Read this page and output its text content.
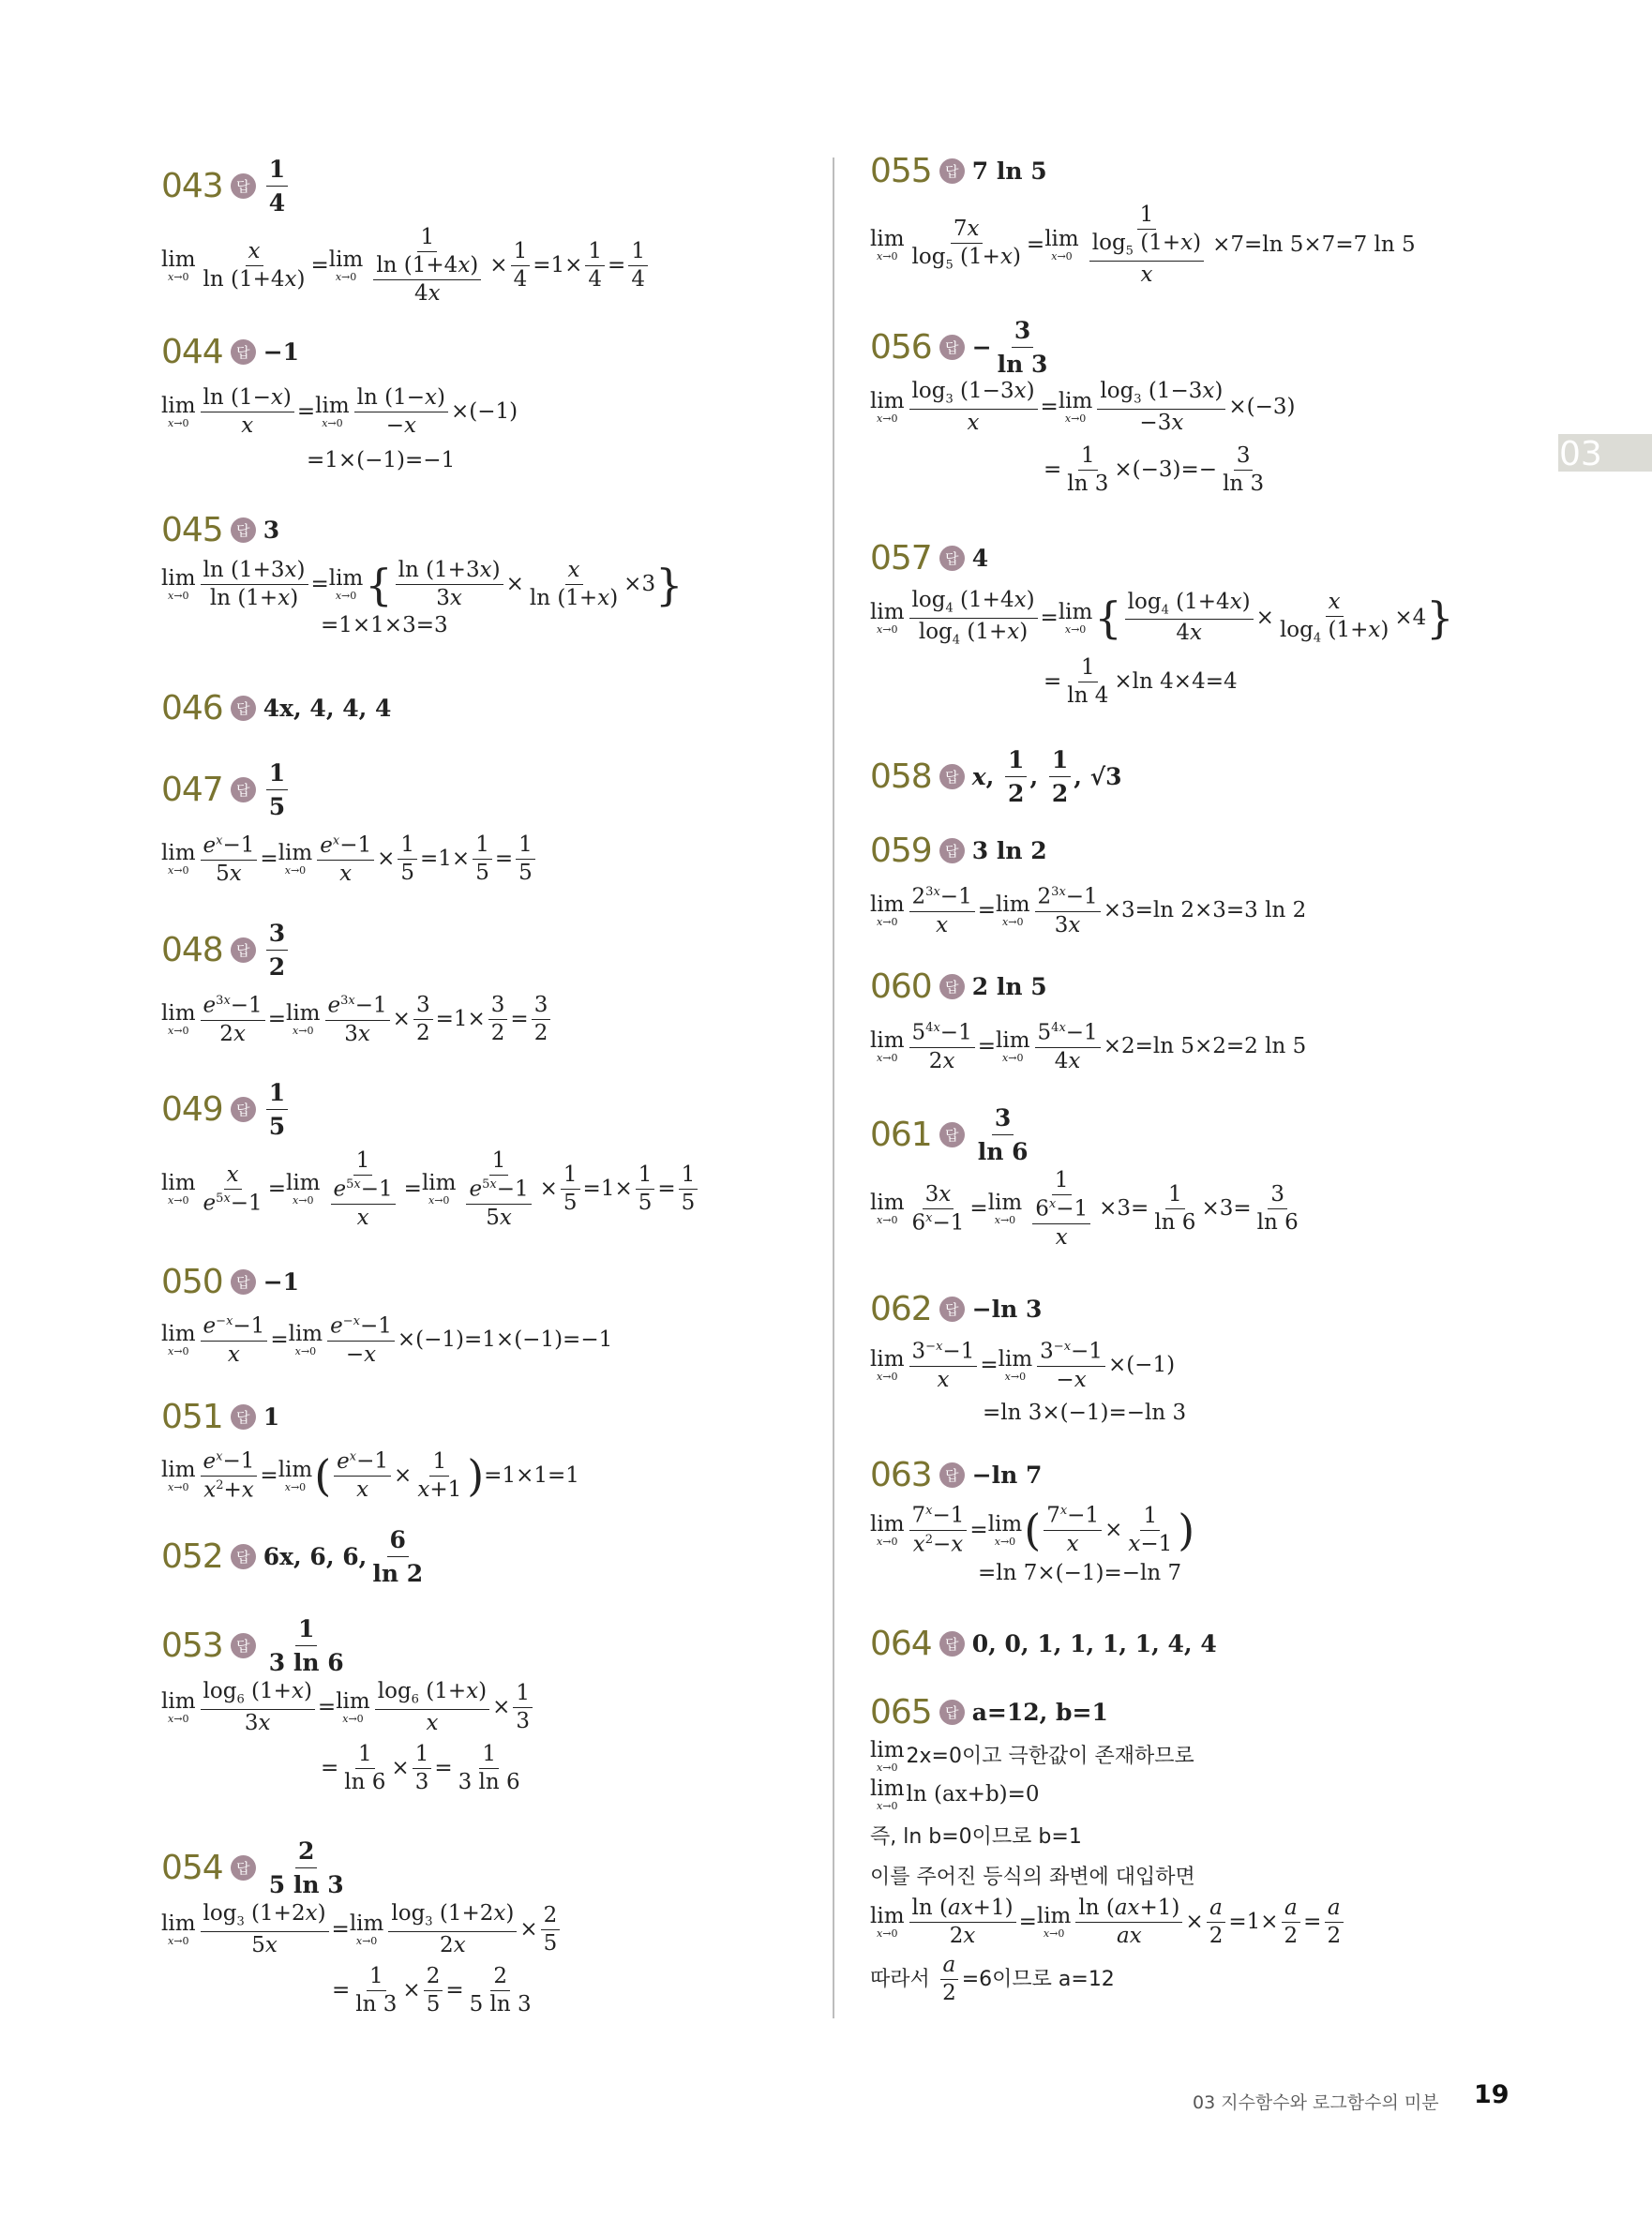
03
043 답 $\frac{1}{4}$
lim
$x\to 0 \frac{x}{\ln (1+4x)} = \lim$
$x\to 0 \frac{1}{\frac{\ln (1+4x)}{4x}} \times \frac{1}{4} =1\times \frac{1}{4} = \frac{1}{4}$
044 답 −1
lim
$x\to 0 \frac{\ln (1-x)}{x} = \lim$
$x\to 0 \frac{\ln (1-x)}{-x} \times(-1)$
=1×(−1)=−1
045 답 3
lim
$x\to 0 \frac{\ln (1+3x)}{\ln (1+x)} = \lim$
x→0 { $\frac{\ln (1+3x)}{3x} \times \frac{x}{\ln (1+x)} \times 3$ }
=1×1×3=3
046 답 4x, 4, 4, 4
047 답 $\frac{1}{5}$
lim
$x\to 0 \frac{e^x-1}{5x} = \lim$
$x\to 0 \frac{e^x-1}{x} \times \frac{1}{5} =1\times \frac{1}{5} = \frac{1}{5}$
048 답 $\frac{3}{2}$
lim
$x\to 0 \frac{e^{3x}-1}{2x} = \lim$
$x\to 0 \frac{e^{3x}-1}{3x} \times \frac{3}{2} =1\times \frac{3}{2} = \frac{3}{2}$
049 답 $\frac{1}{5}$
lim
$x\to 0 \frac{x}{e^{5x}-1} = \lim$
$x\to 0 \frac{1}{\frac{e^{5x}-1}{x}} = \lim$
$x\to 0 \frac{1}{\frac{e^{5x}-1}{5x}} \times \frac{1}{5} =1\times \frac{1}{5} = \frac{1}{5}$
050 답 −1
lim
$x\to 0 \frac{e^{-x}-1}{x} = \lim$
$x\to 0 \frac{e^{-x}-1}{-x} \times(-1)=1\times(-1)=-1$
051 답 1
lim
$x\to 0 \frac{e^x-1}{x^2+x} = \lim$
x→0 ( $\frac{e^x-1}{x} \times \frac{1}{x+1}$ ) =1×1=1
052 답 6x, 6, 6, $\frac{6}{\ln 2}$
053 답 $\frac{1}{3 \ln 6}$
lim
$x\to 0 \frac{\log_6 (1+x)}{3x} = \lim$
$x\to 0 \frac{\log_6 (1+x)}{x} \times \frac{1}{3}$
= $\frac{1}{\ln 6} \times \frac{1}{3} = \frac{1}{3 \ln 6}$
054 답 $\frac{2}{5 \ln 3}$
lim
$x\to 0 \frac{\log_3 (1+2x)}{5x} = \lim$
$x\to 0 \frac{\log_3 (1+2x)}{2x} \times \frac{2}{5}$
= $\frac{1}{\ln 3} \times \frac{2}{5} = \frac{2}{5 \ln 3}$
055 답 7 ln 5
lim
$x\to 0 \frac{7x}{\log_5 (1+x)} = \lim$
$x\to 0 \frac{1}{\frac{\log_5 (1+x)}{x}} \times 7=\ln$ 5×7=7 ln 5
056 답 − $\frac{3}{\ln 3}$
lim
$x\to 0 \frac{\log_3 (1-3x)}{x} = \lim$
$x\to 0 \frac{\log_3 (1-3x)}{-3x} \times(-3)$
= $\frac{1}{\ln 3} \times(-3)=- \frac{3}{\ln 3}$
057 답 4
lim
$x\to 0 \frac{\log_4 (1+4x)}{\log_4 (1+x)} = \lim$
x→0 { $\frac{\log_4 (1+4x)}{4x} \times \frac{x}{\log_4 (1+x)} \times 4$ }
= $\frac{1}{\ln 4} \times\ln$ 4×4=4
058 답 x , $\frac{1}{2}$ , $\frac{1}{2}$ , √3
059 답 3 ln 2
lim
$x\to 0 \frac{2^{3x}-1}{x} = \lim$
$x\to 0 \frac{2^{3x}-1}{3x} \times 3=\ln$ 2×3=3 ln 2
060 답 2 ln 5
lim
$x\to 0 \frac{5^{4x}-1}{2x} = \lim$
$x\to 0 \frac{5^{4x}-1}{4x} \times 2=\ln$ 5×2=2 ln 5
061 답 $\frac{3}{\ln 6}$
lim
$x\to 0 \frac{3x}{6^x-1} = \lim$
$x\to 0 \frac{1}{\frac{6^x-1}{x}} \times 3= \frac{1}{\ln 6} \times 3= \frac{3}{\ln 6}$
062 답 −ln 3
lim
$x\to 0 \frac{3^{-x}-1}{x} = \lim$
$x\to 0 \frac{3^{-x}-1}{-x} \times(-1)$
=ln 3×(−1)=−ln 3
063 답 −ln 7
lim
$x\to 0 \frac{7^x-1}{x^2-x} = \lim$
x→0 ( $\frac{7^x-1}{x} \times \frac{1}{x-1}$ )
=ln 7×(−1)=−ln 7
064 답 0, 0, 1, 1, 1, 1, 4, 4
065 답 a=12, b=1
lim
x→0 2x=0이고 극한값이 존재하므로
lim
x→0 ln (ax+b)=0
즉, ln b=0이므로 b=1
이를 주어진 등식의 좌변에 대입하면
lim
$x\to 0 \frac{\ln (ax+1)}{2x} = \lim$
$x\to 0 \frac{\ln (ax+1)}{ax} \times \frac{a}{2} =1\times \frac{a}{2} = \frac{a}{2}$
따라서
$\frac{a}{2} =6$이므로 a=12
03 지수함수와 로그함수의 미분 19
